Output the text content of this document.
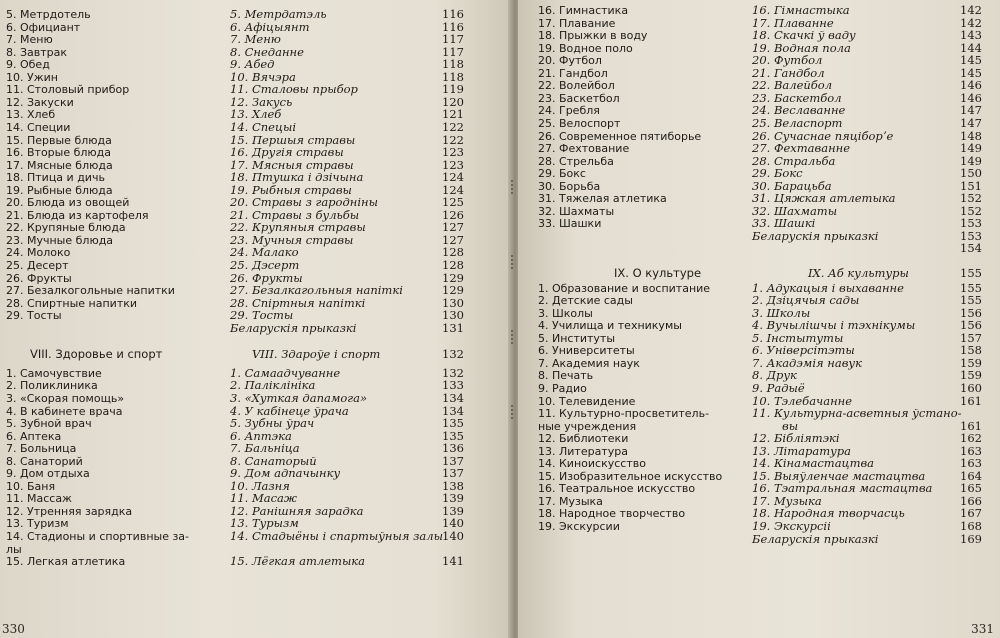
5. Метрдотель	5. Метрдатэль	116
6. Официант	6. Афіцыянт	116
7. Меню	7. Меню	117
8. Завтрак	8. Снеданне	117
9. Обед	9. Абед	118
10. Ужин	10. Вячэра	118
11. Столовый прибор	11. Сталовы прыбор	119
12. Закуски	12. Закусь	120
13. Хлеб	13. Хлеб	121
14. Специи	14. Спецыі	122
15. Первые блюда	15. Першыя стравы	122
16. Вторые блюда	16. Другія стравы	123
17. Мясные блюда	17. Мясныя стравы	123
18. Птица и дичь	18. Птушка і дзічына	124
19. Рыбные блюда	19. Рыбныя стравы	124
20. Блюда из овощей	20. Стравы з гародніны	125
21. Блюда из картофеля	21. Стравы з бульбы	126
22. Крупяные блюда	22. Крупяныя стравы	127
23. Мучные блюда	23. Мучныя стравы	127
24. Молоко	24. Малако	128
25. Десерт	25. Дэсерт	128
26. Фрукты	26. Фрукты	129
27. Безалкогольные напитки	27. Безалкагольныя напіткі	129
28. Спиртные напитки	28. Спіртныя напіткі	130
29. Тосты	29. Тосты	130
Беларускія прыказкі	131
VIII. Здоровье и спорт	VIII. Здароўе і спорт	132
1. Самочувствие	1. Самаадчуванне	132
2. Поликлиника	2. Паліклініка	133
3. «Скорая помощь»	3. «Хуткая дапамога»	134
4. В кабинете врача	4. У кабінеце ўрача	134
5. Зубной врач	5. Зубны ўрач	135
6. Аптека	6. Аптэка	135
7. Больница	7. Бальніца	136
8. Санаторий	8. Санаторый	137
9. Дом отдыха	9. Дом адпачынку	137
10. Баня	10. Лазня	138
11. Массаж	11. Масаж	139
12. Утренняя зарядка	12. Ранішняя зарадка	139
13. Туризм	13. Турызм	140
14. Стадионы и спортивные за-	14. Стадыёны і спартыўныя залы 140
лы
15. Легкая атлетика	15. Лёгкая атлетыка	141
330
16. Гимнастика	16. Гімнастыка	142
17. Плавание	17. Плаванне	142
18. Прыжки в воду	18. Скачкі ў ваду	143
19. Водное поло	19. Водная пола	144
20. Футбол	20. Футбол	145
21. Гандбол	21. Гандбол	145
22. Волейбол	22. Валейбол	146
23. Баскетбол	23. Баскетбол	146
24. Гребля	24. Веславанне	147
25. Велоспорт	25. Веласпорт	147
26. Современное пятиборье	26. Сучаснае пяціборʼе	148
27. Фехтование	27. Фехтаванне	149
28. Стрельба	28. Стральба	149
29. Бокс	29. Бокс	150
30. Борьба	30. Барацьба	151
31. Тяжелая атлетика	31. Цяжкая атлетыка	152
32. Шахматы	32. Шахматы	152
33. Шашки	33. Шашкі	153
Беларускія прыказкі	153
154
IX. О культуре	IX. Аб культуры	155
1. Образование и воспитание	1. Адукацыя і выхаванне	155
2. Детские сады	2. Дзіцячыя сады	155
3. Школы	3. Школы	156
4. Училища и техникумы	4. Вучылішчы і тэхнікумы	156
5. Институты	5. Інстытуты	157
6. Университеты	6. Універсітэты	158
7. Академия наук	7. Акадэмія навук	159
8. Печать	8. Друк	159
9. Радио	9. Радыё	160
10. Телевидение	10. Тэлебачанне	161
11. Культурно-просветитель-	11. Культурна-асветныя ўстано-
ные учреждения	вы	161
12. Библиотеки	12. Бібліятэкі	162
13. Литература	13. Літаратура	163
14. Киноискусство	14. Кінамастацтва	163
15. Изобразительное искусство	15. Выяўленчае мастацтва	164
16. Театральное искусство	16. Тэатральная мастацтва	165
17. Музыка	17. Музыка	166
18. Народное творчество	18. Народная творчасць	167
19. Экскурсии	19. Экскурсіі	168
Беларускія прыказкі	169
331
